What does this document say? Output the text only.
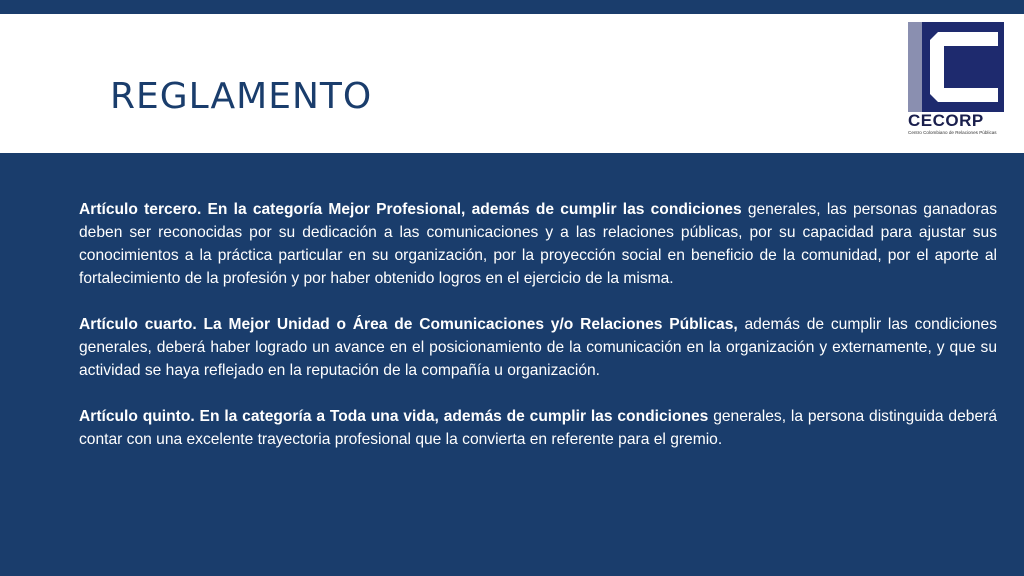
REGLAMENTO
CECORP
Centro Colombiano de Relaciones Públicas

Artículo tercero. En la categoría Mejor Profesional, además de cumplir las condiciones generales, las personas ganadoras deben ser reconocidas por su dedicación a las comunicaciones y a las relaciones públicas, por su capacidad para ajustar sus conocimientos a la práctica particular en su organización, por la proyección social en beneficio de la comunidad, por el aporte al fortalecimiento de la profesión y por haber obtenido logros en el ejercicio de la misma.

Artículo cuarto. La Mejor Unidad o Área de Comunicaciones y/o Relaciones Públicas, además de cumplir las condiciones generales, deberá haber logrado un avance en el posicionamiento de la comunicación en la organización y externamente, y que su actividad se haya reflejado en la reputación de la compañía u organización.

Artículo quinto. En la categoría a Toda una vida, además de cumplir las condiciones generales, la persona distinguida deberá contar con una excelente trayectoria profesional que la convierta en referente para el gremio.
